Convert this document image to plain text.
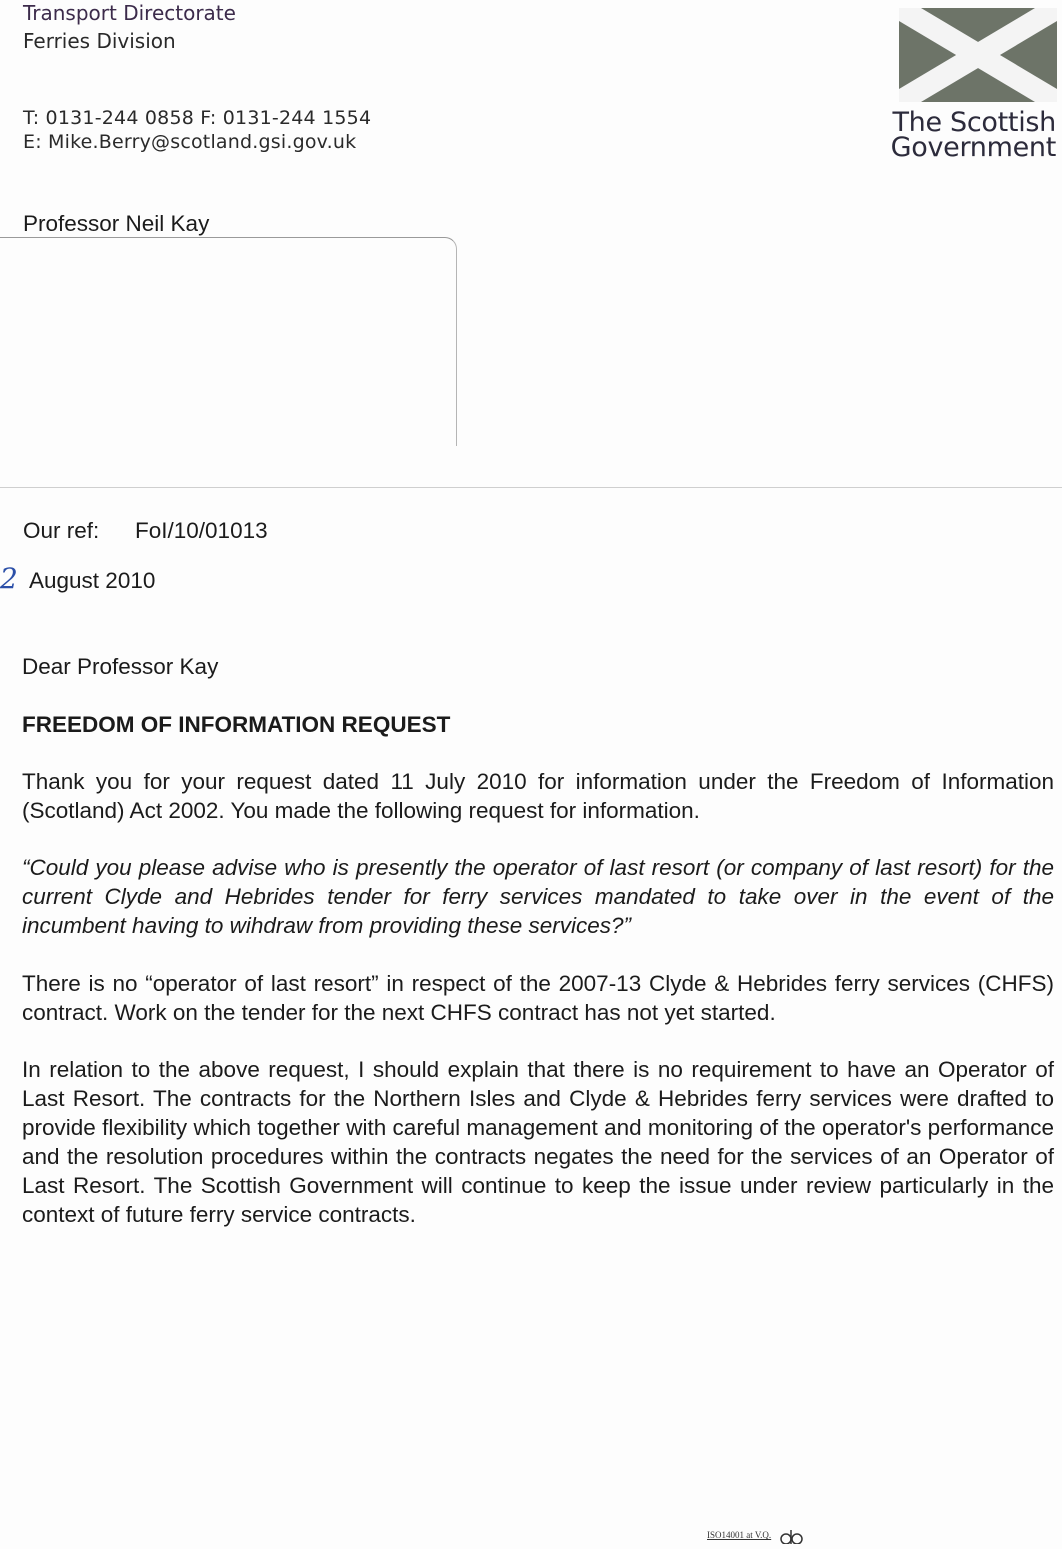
Transport Directorate
Ferries Division
T: 0131-244 0858 F: 0131-244 1554
E: Mike.Berry@scotland.gsi.gov.uk
The Scottish
Government
Professor Neil Kay
Our ref: FoI/10/01013
2 August 2010
Dear Professor Kay
FREEDOM OF INFORMATION REQUEST
Thank you for your request dated 11 July 2010 for information under the Freedom of Information (Scotland) Act 2002. You made the following request for information.
“Could you please advise who is presently the operator of last resort (or company of last resort) for the current Clyde and Hebrides tender for ferry services mandated to take over in the event of the incumbent having to wihdraw from providing these services?”
There is no “operator of last resort” in respect of the 2007-13 Clyde & Hebrides ferry services (CHFS) contract. Work on the tender for the next CHFS contract has not yet started.
In relation to the above request, I should explain that there is no requirement to have an Operator of Last Resort. The contracts for the Northern Isles and Clyde & Hebrides ferry services were drafted to provide flexibility which together with careful management and monitoring of the operator's performance and the resolution procedures within the contracts negates the need for the services of an Operator of Last Resort. The Scottish Government will continue to keep the issue under review particularly in the context of future ferry service contracts.
ISO14001 at V.Q.
